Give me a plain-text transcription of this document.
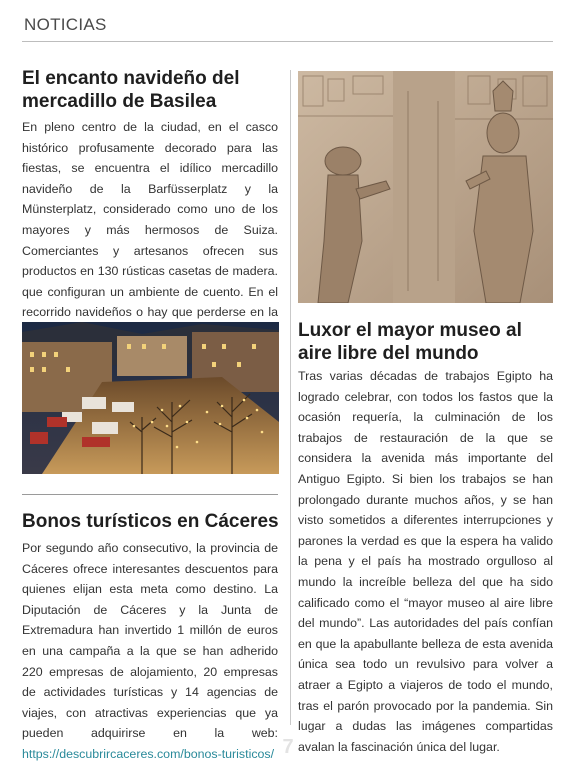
NOTICIAS
El encanto navideño del mercadillo de Basilea

En pleno centro de la ciudad, en el casco histórico profusamente decorado para las fiestas, se encuentra el idílico mercadillo navideño de la Barfüsserplatz y la Münsterplatz, considerado como uno de los mayores y más hermosos de Suiza. Comerciantes y artesanos ofrecen sus productos en 130 rústicas casetas de madera. que configuran un ambiente de cuento. En el recorrido navideños o hay que perderse en la

Bonos turísticos en Cáceres

Por segundo año consecutivo, la provincia de Cáceres ofrece interesantes descuentos para quienes elijan esta meta como destino. La Diputación de Cáceres y la Junta de Extremadura han invertido 1 millón de euros en una campaña a la que se han adherido 220 empresas de alojamiento, 20 empresas de actividades turísticas y 14 agencias de viajes, con atractivas experiencias que ya pueden adquirirse en la web: https://descubrircaceres.com/bonos-turisticos/

Luxor el mayor museo al aire libre del mundo

Tras varias décadas de trabajos Egipto ha logrado celebrar, con todos los fastos que la ocasión requería, la culminación de los trabajos de restauración de la que se considera la avenida más importante del Antiguo Egipto. Si bien los trabajos se han prolongado durante muchos años, y se han visto sometidos a diferentes interrupciones y parones la verdad es que la espera ha valido la pena y el país ha mostrado orgulloso al mundo la increíble belleza del que ha sido calificado como el “mayor museo al aire libre del mundo”. Las autoridades del país confían en que la apabullante belleza de esta avenida única sea todo un revulsivo para volver a atraer a Egipto a viajeros de todo el mundo, tras el parón provocado por la pandemia. Sin lugar a dudas las imágenes compartidas avalan la fascinación única del lugar.

7
